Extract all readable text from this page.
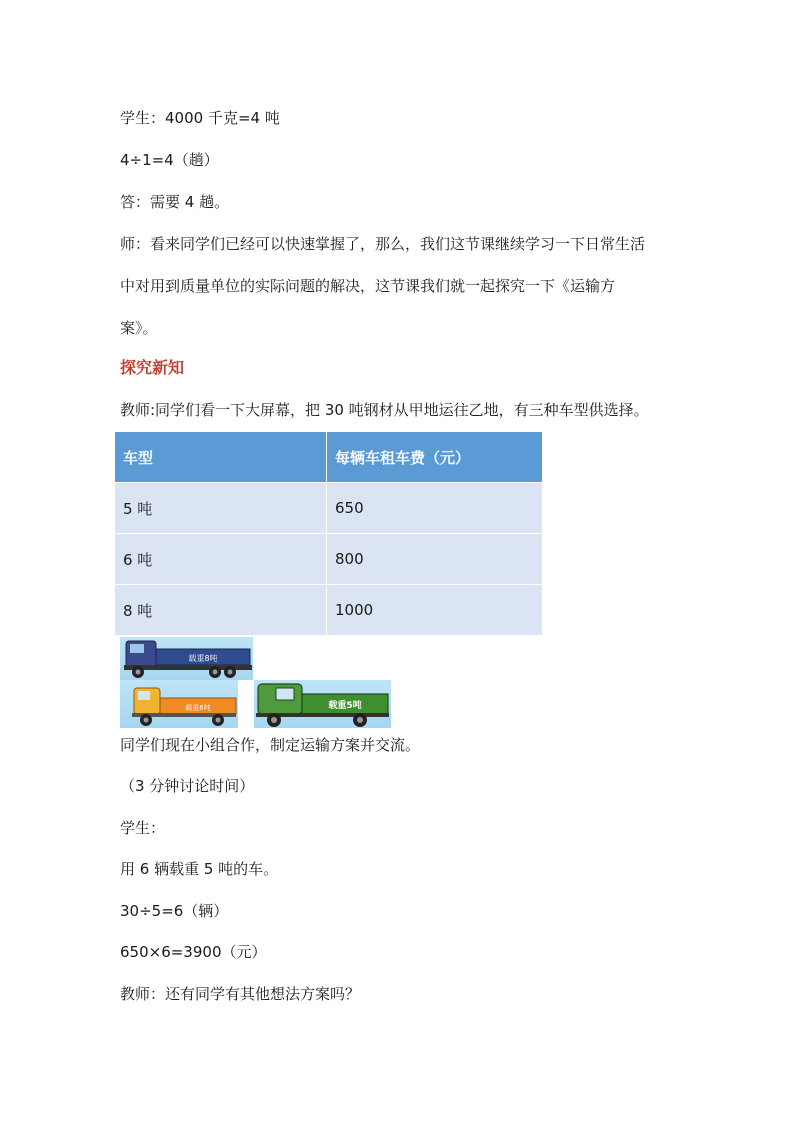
学生：4000 千克=4 吨
4÷1=4（趟）
答：需要 4 趟。
师：看来同学们已经可以快速掌握了，那么，我们这节课继续学习一下日常生活
中对用到质量单位的实际问题的解决，这节课我们就一起探究一下《运输方
案》。
探究新知
教师:同学们看一下大屏幕，把 30 吨钢材从甲地运往乙地，有三种车型供选择。
车型	每辆车租车费（元）
5 吨	650
6 吨	800
8 吨	1000
载重8吨
载重6吨	载重5吨
同学们现在小组合作，制定运输方案并交流。
（3 分钟讨论时间）
学生：
用 6 辆载重 5 吨的车。
30÷5=6（辆）
650×6=3900（元）
教师：还有同学有其他想法方案吗？
